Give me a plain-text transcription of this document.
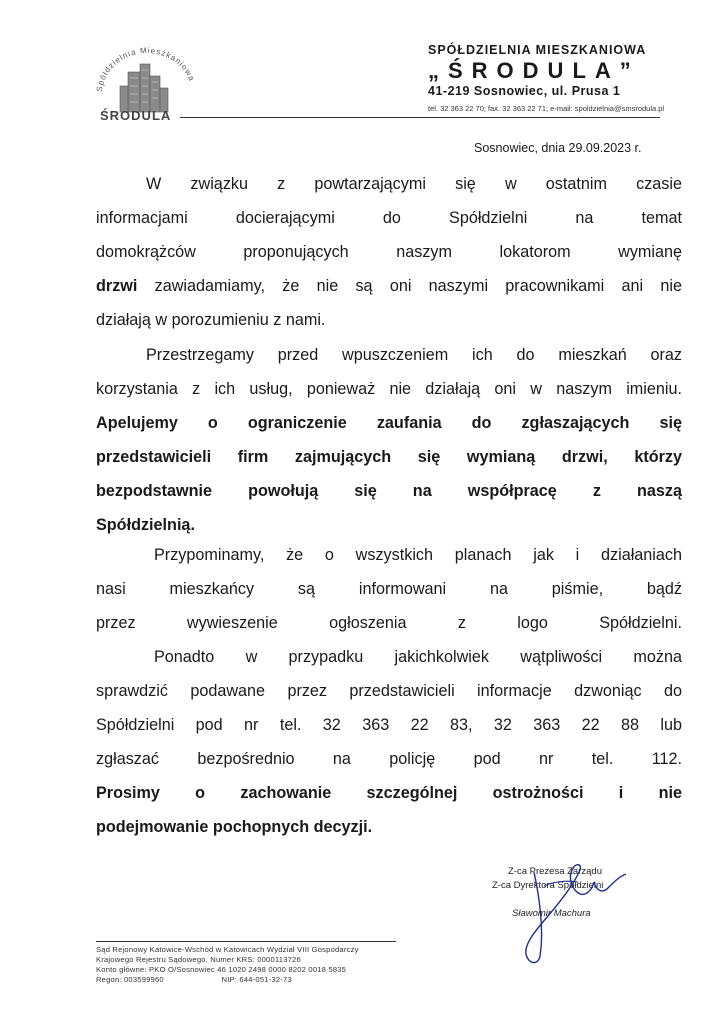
Spółdzielnia Mieszkaniowa
ŚRODULA
SPÓŁDZIELNIA MIESZKANIOWA
„ŚRODULA”
41-219 Sosnowiec, ul. Prusa 1
tel. 32 363 22 70; fax. 32 363 22 71; e-mail: spoldzielnia@smsrodula.pl
Sosnowiec, dnia 29.09.2023 r.
W związku z powtarzającymi się w ostatnim czasie
informacjami docierającymi do Spółdzielni na temat
domokrążców proponujących naszym lokatorom wymianę
drzwi zawiadamiamy, że nie są oni naszymi pracownikami ani nie
działają w porozumieniu z nami.
Przestrzegamy przed wpuszczeniem ich do mieszkań oraz
korzystania z ich usług, ponieważ nie działają oni w naszym imieniu.
Apelujemy o ograniczenie zaufania do zgłaszających się
przedstawicieli firm zajmujących się wymianą drzwi, którzy
bezpodstawnie powołują się na współpracę z naszą
Spółdzielnią.
Przypominamy, że o wszystkich planach jak i działaniach
nasi mieszkańcy są informowani na piśmie, bądź
przez wywieszenie ogłoszenia z logo Spółdzielni.
Ponadto w przypadku jakichkolwiek wątpliwości można
sprawdzić podawane przez przedstawicieli informacje dzwoniąc do
Spółdzielni pod nr tel. 32 363 22 83, 32 363 22 88 lub
zgłaszać bezpośrednio na policję pod nr tel. 112.
Prosimy o zachowanie szczególnej ostrożności i nie
podejmowanie pochopnych decyzji.
Z-ca Prezesa Zarządu
Z-ca Dyrektora Spółdzielni
Sławomir Machura
Sąd Rejonowy Katowice-Wschód w Katowicach Wydział VIII Gospodarczy
Krajowego Rejestru Sądowego. Numer KRS: 0000113726
Konto główne: PKO O/Sosnowiec 46 1020 2498 0000 8202 0018 5835
Regon: 003599960                         NIP: 644-051-32-73
